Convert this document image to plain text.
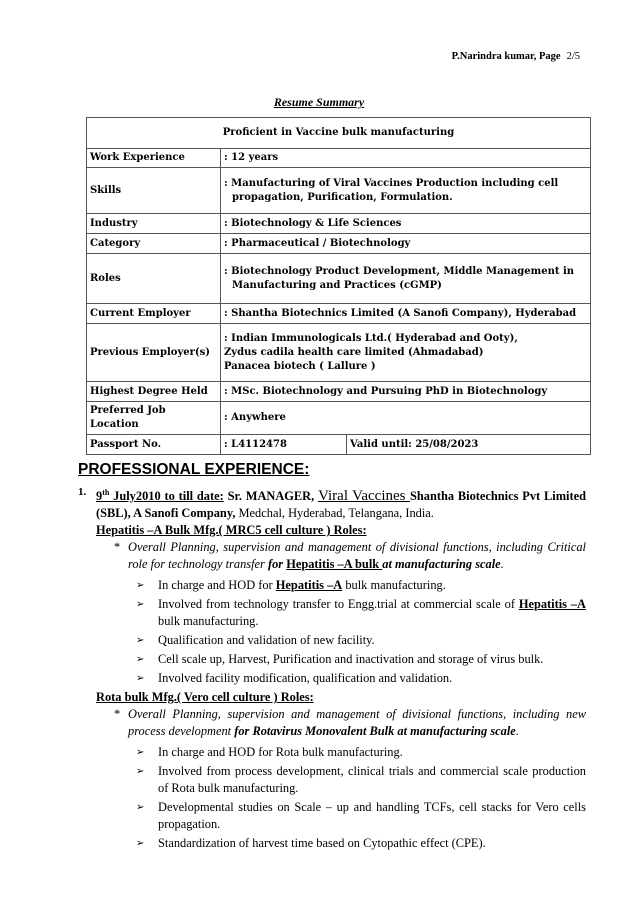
P.Narindra kumar, Page 2/5
Resume Summary
Proficient in Vaccine bulk manufacturing		
Work Experience	: 12 years	

Skills	: Manufacturing of Viral Vaccines Production including cell
propagation, Purification, Formulation.	

Industry	: Biotechnology & Life Sciences	

Category	: Pharmaceutical / Biotechnology	

Roles	: Biotechnology Product Development, Middle Management in
Manufacturing and Practices (cGMP)	

Current Employer	: Shantha Biotechnics Limited (A Sanofi Company), Hyderabad	

Previous Employer(s)	: Indian Immunologicals Ltd.( Hyderabad and Ooty),
Zydus cadila health care limited (Ahmadabad)
Panacea biotech ( Lallure )	

Highest Degree Held	: MSc. Biotechnology and Pursuing PhD in Biotechnology	

Preferred Job Location	: Anywhere	

Passport No.	: L4112478	Valid until: 25/08/2023
PROFESSIONAL EXPERIENCE:
1. 9th July2010 to till date: Sr. MANAGER, Viral Vaccines Shantha Biotechnics Pvt Limited (SBL), A Sanofi Company, Medchal, Hyderabad, Telangana, India.
Hepatitis –A Bulk Mfg.( MRC5 cell culture ) Roles:
* Overall Planning, supervision and management of divisional functions, including Critical role for technology transfer for Hepatitis –A bulk at manufacturing scale.
➢ In charge and HOD for Hepatitis –A bulk manufacturing.
➢ Involved from technology transfer to Engg.trial at commercial scale of Hepatitis –A bulk manufacturing.
➢ Qualification and validation of new facility.
➢ Cell scale up, Harvest, Purification and inactivation and storage of virus bulk.
➢ Involved facility modification, qualification and validation.
Rota bulk Mfg.( Vero cell culture ) Roles:
* Overall Planning, supervision and management of divisional functions, including new process development for Rotavirus Monovalent Bulk at manufacturing scale.
➢ In charge and HOD for Rota bulk manufacturing.
➢ Involved from process development, clinical trials and commercial scale production of Rota bulk manufacturing.
➢ Developmental studies on Scale – up and handling TCFs, cell stacks for Vero cells propagation.
➢ Standardization of harvest time based on Cytopathic effect (CPE).
